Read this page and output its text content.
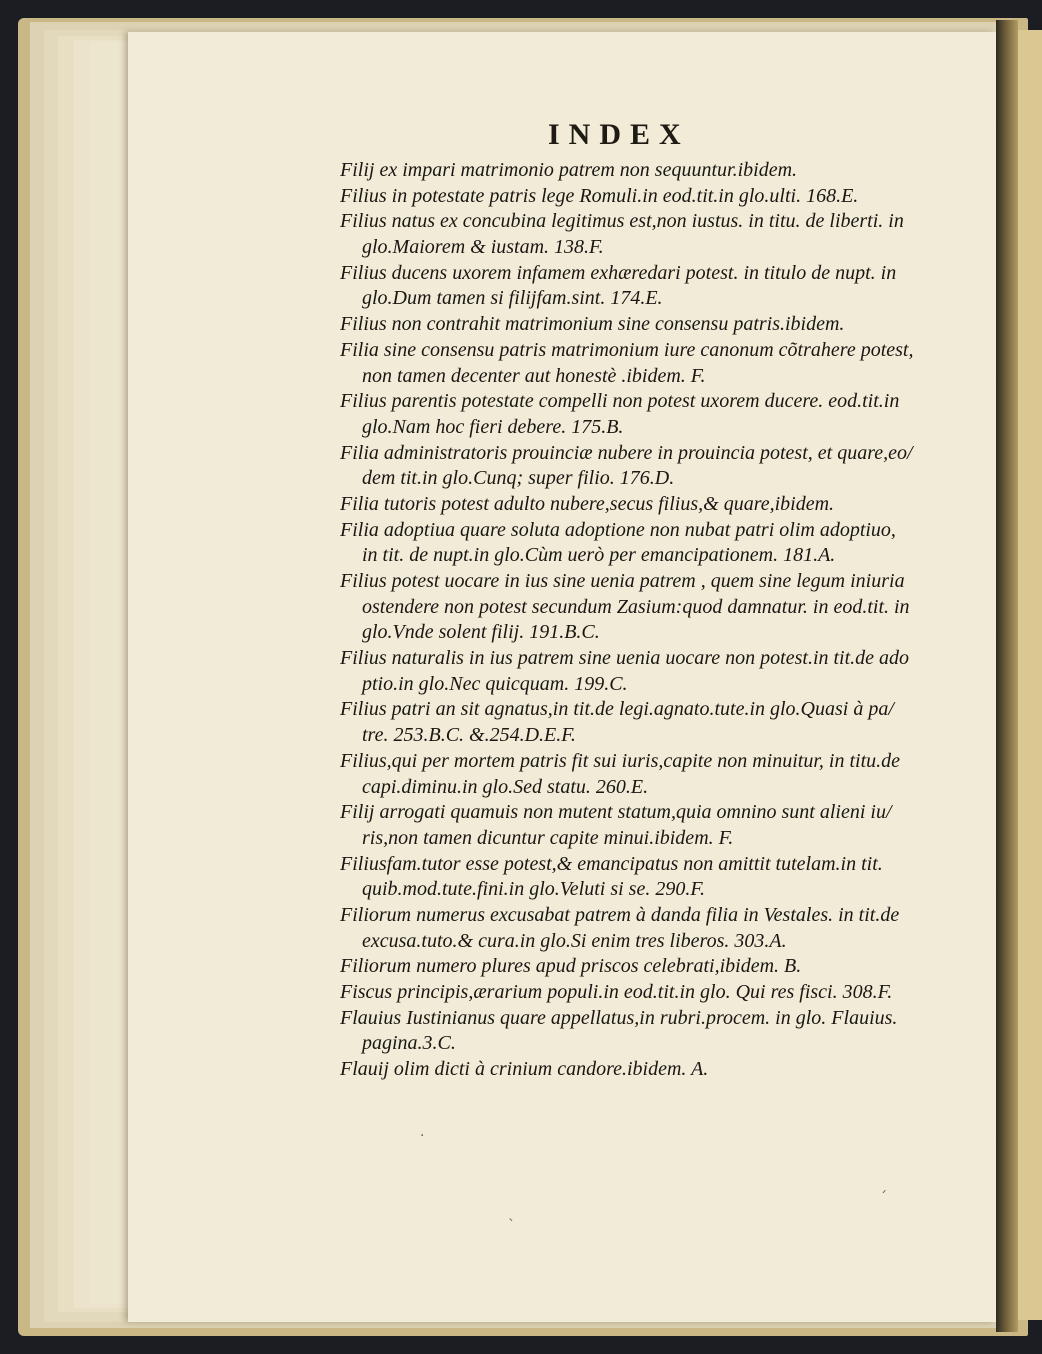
INDEX
Filij ex impari matrimonio patrem non sequuntur.ibidem.
Filius in potestate patris lege Romuli.in eod.tit.in glo.ulti. 168.E.
Filius natus ex concubina legitimus est,non iustus. in titu. de liberti. in
glo.Maiorem & iustam. 138.F.
Filius ducens uxorem infamem exhæredari potest. in titulo de nupt. in
glo.Dum tamen si filijfam.sint. 174.E.
Filius non contrahit matrimonium sine consensu patris.ibidem.
Filia sine consensu patris matrimonium iure canonum cõtrahere potest,
non tamen decenter aut honestè .ibidem. F.
Filius parentis potestate compelli non potest uxorem ducere. eod.tit.in
glo.Nam hoc fieri debere. 175.B.
Filia administratoris prouinciæ nubere in prouincia potest, et quare,eo/
dem tit.in glo.Cunq; super filio. 176.D.
Filia tutoris potest adulto nubere,secus filius,& quare,ibidem.
Filia adoptiua quare soluta adoptione non nubat patri olim adoptiuo,
in tit. de nupt.in glo.Cùm uerò per emancipationem. 181.A.
Filius potest uocare in ius sine uenia patrem , quem sine legum iniuria
ostendere non potest secundum Zasium:quod damnatur. in eod.tit. in
glo.Vnde solent filij. 191.B.C.
Filius naturalis in ius patrem sine uenia uocare non potest.in tit.de ado
ptio.in glo.Nec quicquam. 199.C.
Filius patri an sit agnatus,in tit.de legi.agnato.tute.in glo.Quasi à pa/
tre. 253.B.C. &.254.D.E.F.
Filius,qui per mortem patris fit sui iuris,capite non minuitur, in titu.de
capi.diminu.in glo.Sed statu. 260.E.
Filij arrogati quamuis non mutent statum,quia omnino sunt alieni iu/
ris,non tamen dicuntur capite minui.ibidem. F.
Filiusfam.tutor esse potest,& emancipatus non amittit tutelam.in tit.
quib.mod.tute.fini.in glo.Veluti si se. 290.F.
Filiorum numerus excusabat patrem à danda filia in Vestales. in tit.de
excusa.tuto.& cura.in glo.Si enim tres liberos. 303.A.
Filiorum numero plures apud priscos celebrati,ibidem. B.
Fiscus principis,ærarium populi.in eod.tit.in glo. Qui res fisci. 308.F.
Flauius Iustinianus quare appellatus,in rubri.procem. in glo. Flauius.
pagina.3.C.
Flauij olim dicti à crinium candore.ibidem. A.
·
ˋ
ˊ
